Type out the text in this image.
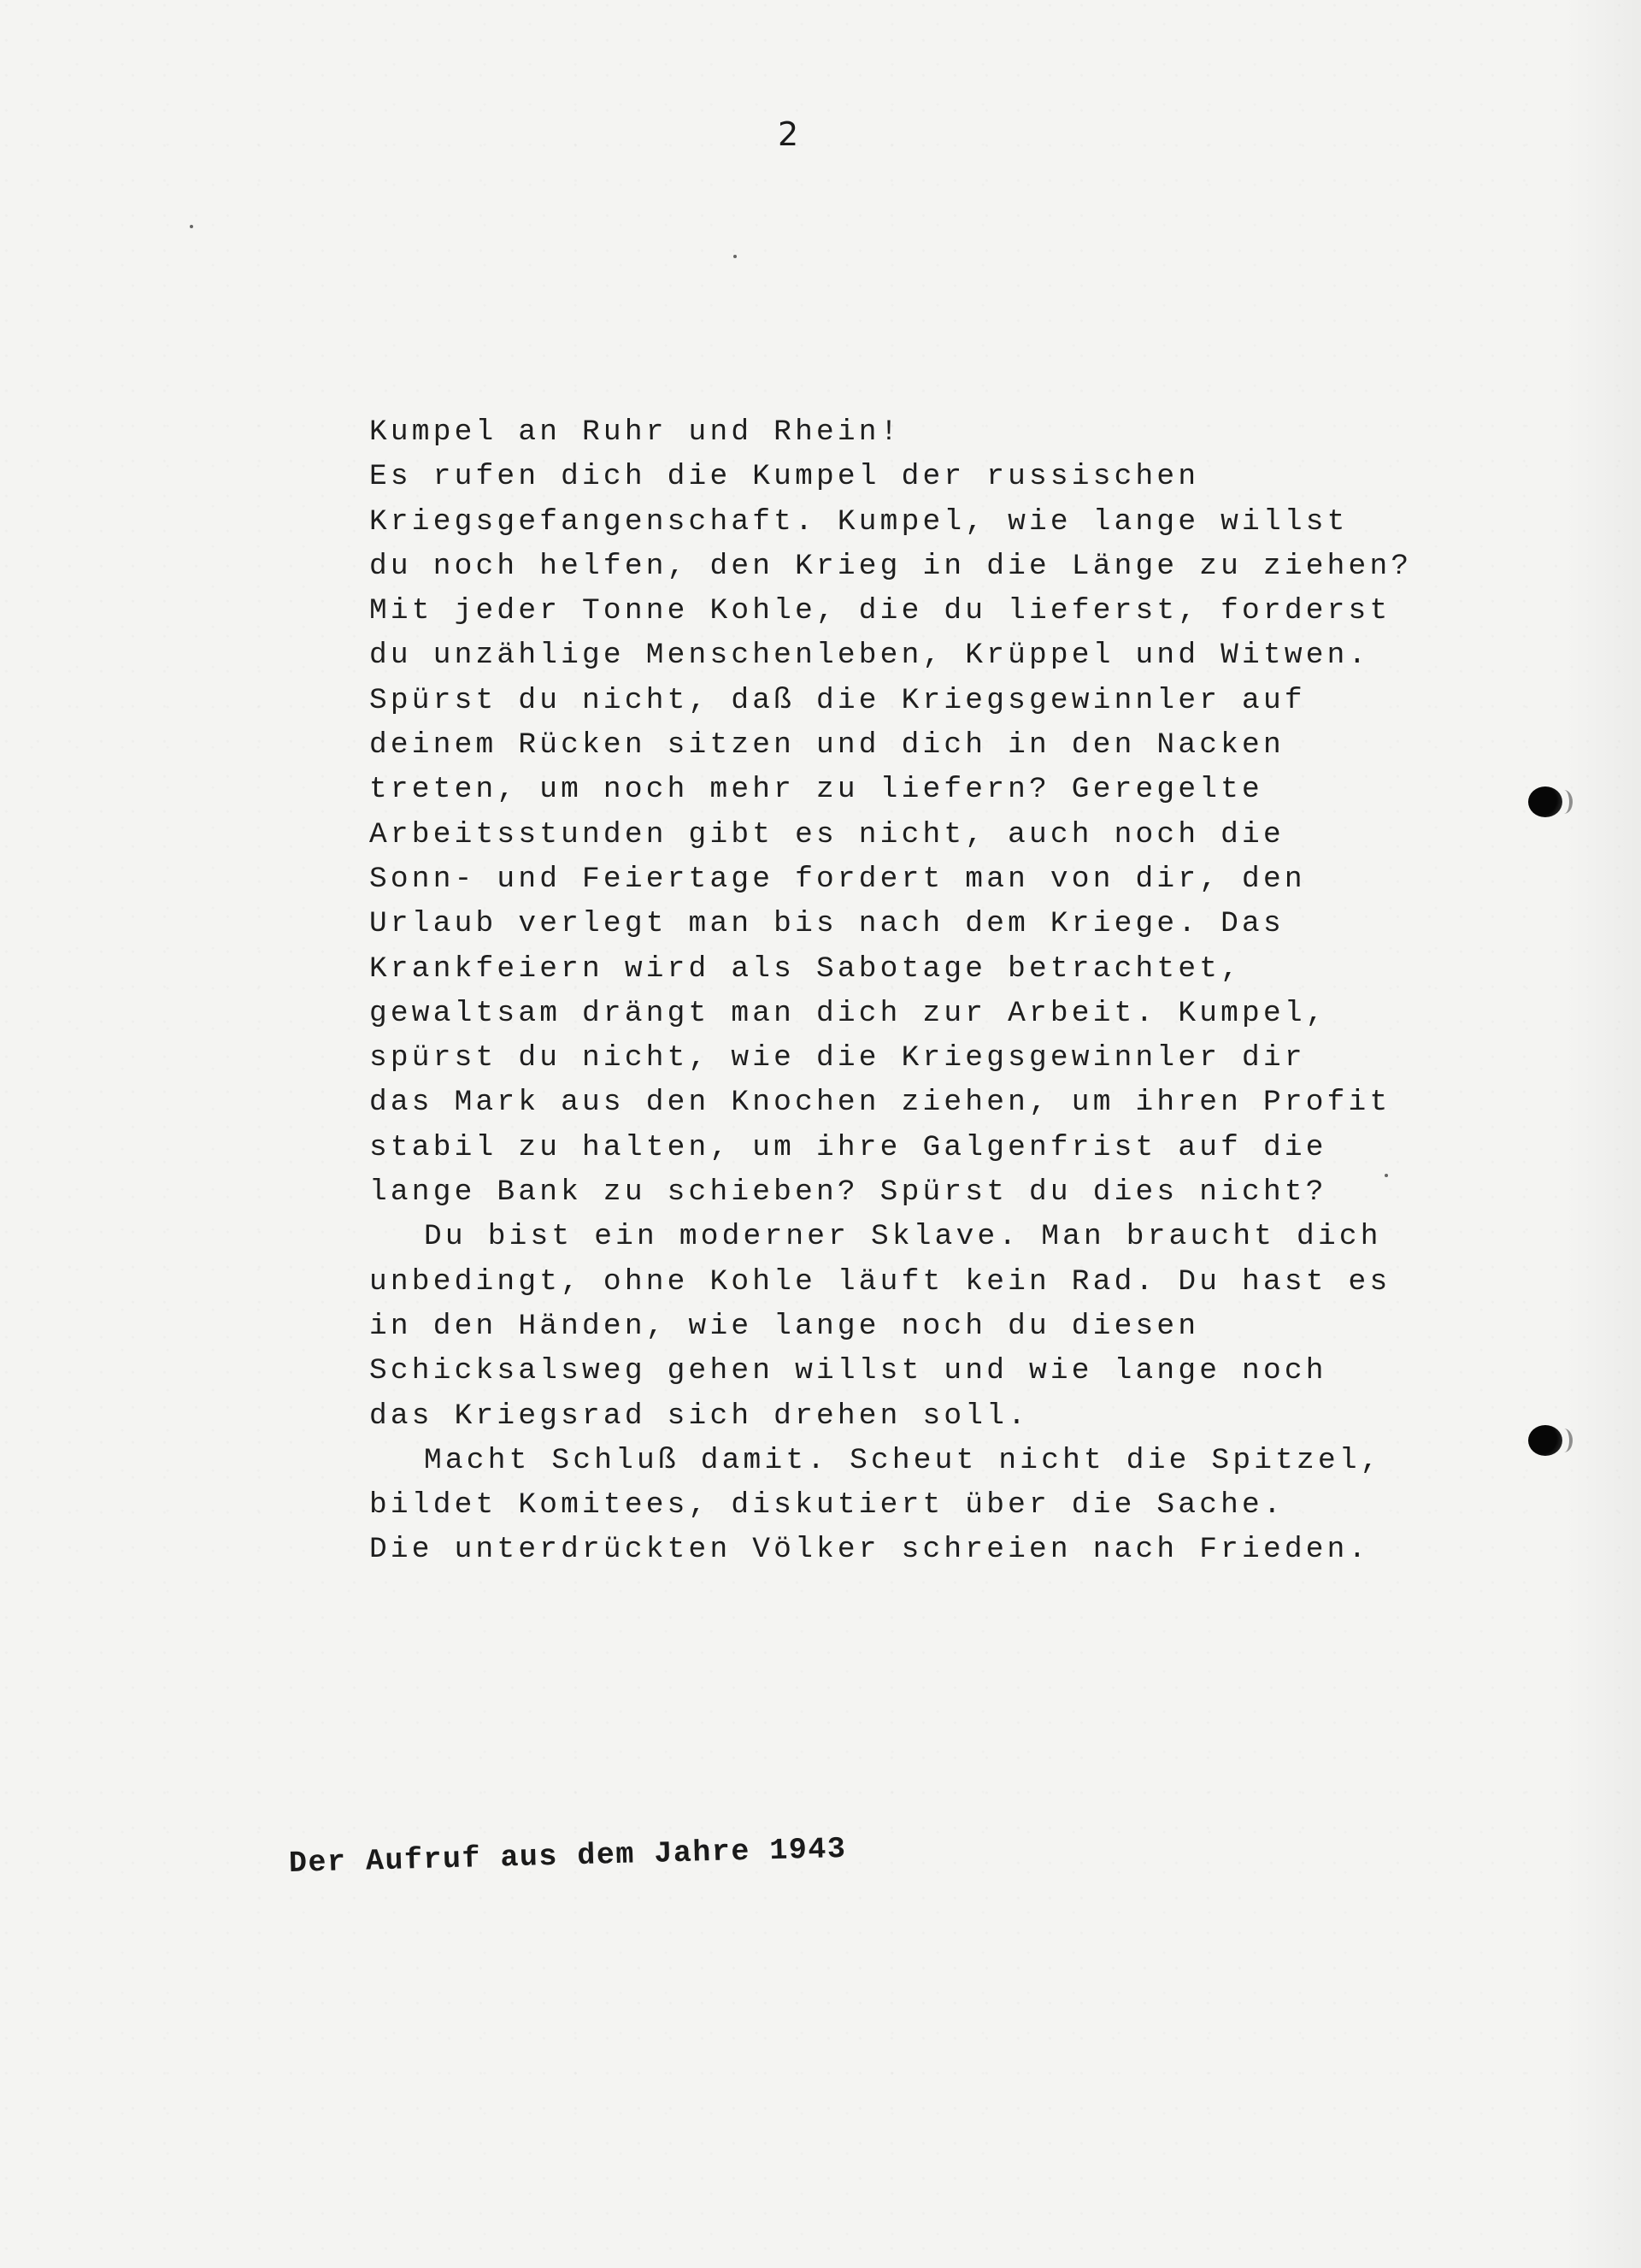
2
Kumpel an Ruhr und Rhein!
Es rufen dich die Kumpel der russischen
Kriegsgefangenschaft. Kumpel, wie lange willst
du noch helfen, den Krieg in die Länge zu ziehen?
Mit jeder Tonne Kohle, die du lieferst, forderst
du unzählige Menschenleben, Krüppel und Witwen.
Spürst du nicht, daß die Kriegsgewinnler auf
deinem Rücken sitzen und dich in den Nacken
treten, um noch mehr zu liefern? Geregelte
Arbeitsstunden gibt es nicht, auch noch die
Sonn- und Feiertage fordert man von dir, den
Urlaub verlegt man bis nach dem Kriege. Das
Krankfeiern wird als Sabotage betrachtet,
gewaltsam drängt man dich zur Arbeit. Kumpel,
spürst du nicht, wie die Kriegsgewinnler dir
das Mark aus den Knochen ziehen, um ihren Profit
stabil zu halten, um ihre Galgenfrist auf die
lange Bank zu schieben? Spürst du dies nicht?
Du bist ein moderner Sklave. Man braucht dich
unbedingt, ohne Kohle läuft kein Rad. Du hast es
in den Händen, wie lange noch du diesen
Schicksalsweg gehen willst und wie lange noch
das Kriegsrad sich drehen soll.
Macht Schluß damit. Scheut nicht die Spitzel,
bildet Komitees, diskutiert über die Sache.
Die unterdrückten Völker schreien nach Frieden.
Der Aufruf aus dem Jahre 1943
